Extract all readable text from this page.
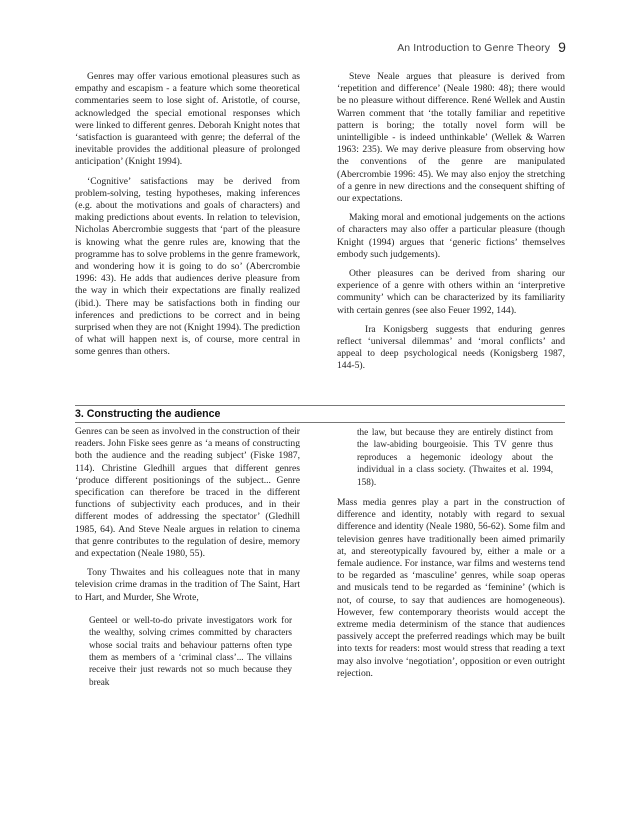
An Introduction to Genre Theory 9

Genres may offer various emotional pleasures such as empathy and escapism - a feature which some theoretical commentaries seem to lose sight of. Aristotle, of course, acknowledged the special emotional responses which were linked to different genres. Deborah Knight notes that ‘satisfaction is guaranteed with genre; the deferral of the inevitable provides the additional pleasure of prolonged anticipation’ (Knight 1994).

‘Cognitive’ satisfactions may be derived from problem-solving, testing hypotheses, making inferences (e.g. about the motivations and goals of characters) and making predictions about events. In relation to television, Nicholas Abercrombie suggests that ‘part of the pleasure is knowing what the genre rules are, knowing that the programme has to solve problems in the genre framework, and wondering how it is going to do so’ (Abercrombie 1996: 43). He adds that audiences derive pleasure from the way in which their expectations are finally realized (ibid.). There may be satisfactions both in finding our inferences and predictions to be correct and in being surprised when they are not (Knight 1994). The prediction of what will happen next is, of course, more central in some genres than others.

Steve Neale argues that pleasure is derived from ‘repetition and difference’ (Neale 1980: 48); there would be no pleasure without difference. René Wellek and Austin Warren comment that ‘the totally familiar and repetitive pattern is boring; the totally novel form will be unintelligible - is indeed unthinkable’ (Wellek & Warren 1963: 235). We may derive pleasure from observing how the conventions of the genre are manipulated (Abercrombie 1996: 45). We may also enjoy the stretching of a genre in new directions and the consequent shifting of our expectations.

Making moral and emotional judgements on the actions of characters may also offer a particular pleasure (though Knight (1994) argues that ‘generic fictions’ themselves embody such judgements).

Other pleasures can be derived from sharing our experience of a genre with others within an ‘interpretive community’ which can be characterized by its familiarity with certain genres (see also Feuer 1992, 144).

Ira Konigsberg suggests that enduring genres reflect ‘universal dilemmas’ and ‘moral conflicts’ and appeal to deep psychological needs (Konigsberg 1987, 144-5).

3. Constructing the audience

Genres can be seen as involved in the construction of their readers. John Fiske sees genre as ‘a means of constructing both the audience and the reading subject’ (Fiske 1987, 114). Christine Gledhill argues that different genres ‘produce different positionings of the subject... Genre specification can therefore be traced in the different functions of subjectivity each produces, and in their different modes of addressing the spectator’ (Gledhill 1985, 64). And Steve Neale argues in relation to cinema that genre contributes to the regulation of desire, memory and expectation (Neale 1980, 55).

Tony Thwaites and his colleagues note that in many television crime dramas in the tradition of The Saint, Hart to Hart, and Murder, She Wrote,

Genteel or well-to-do private investigators work for the wealthy, solving crimes committed by characters whose social traits and behaviour patterns often type them as members of a ‘criminal class’... The villains receive their just rewards not so much because they break
the law, but because they are entirely distinct from the law-abiding bourgeoisie. This TV genre thus reproduces a hegemonic ideology about the individual in a class society. (Thwaites et al. 1994, 158).

Mass media genres play a part in the construction of difference and identity, notably with regard to sexual difference and identity (Neale 1980, 56-62). Some film and television genres have traditionally been aimed primarily at, and stereotypically favoured by, either a male or a female audience. For instance, war films and westerns tend to be regarded as ‘masculine’ genres, while soap operas and musicals tend to be regarded as ‘feminine’ (which is not, of course, to say that audiences are homogeneous). However, few contemporary theorists would accept the extreme media determinism of the stance that audiences passively accept the preferred readings which may be built into texts for readers: most would stress that reading a text may also involve ‘negotiation’, opposition or even outright rejection.
